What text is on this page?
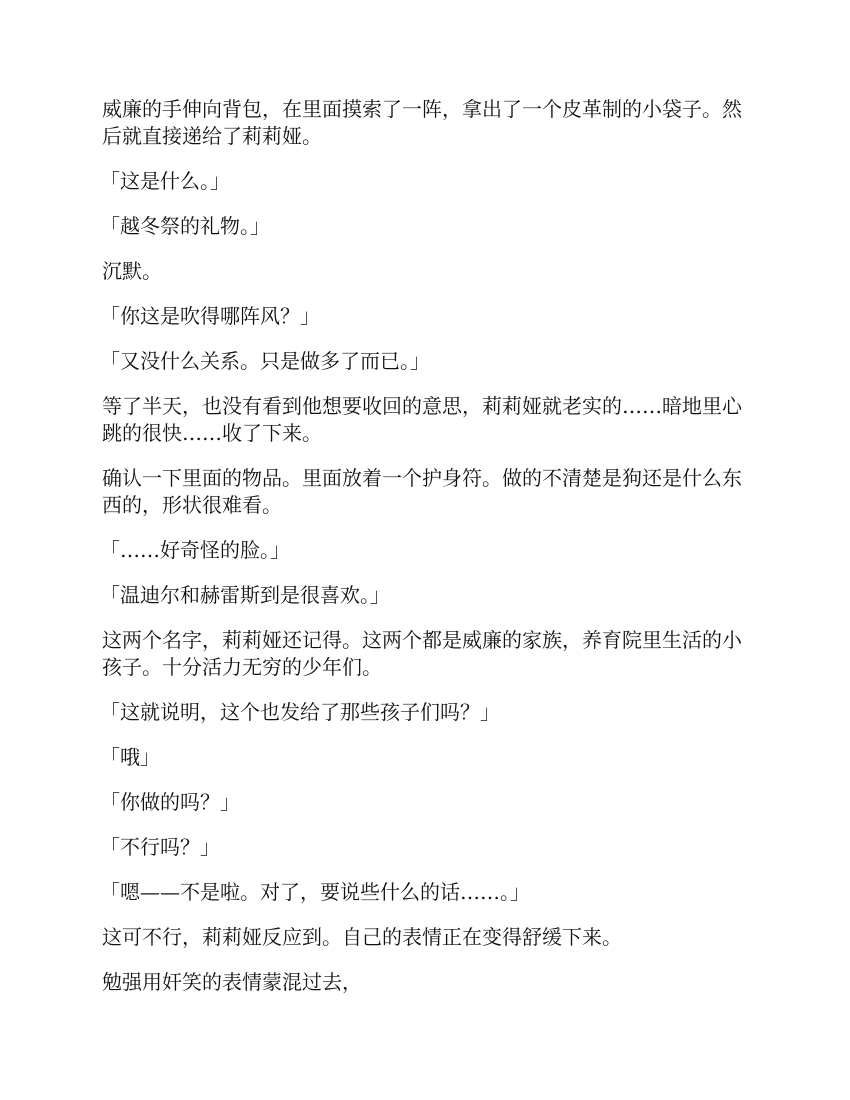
威廉的手伸向背包，在里面摸索了一阵，拿出了一个皮革制的小袋子。然后就直接递给了莉莉娅。

「这是什么。」

「越冬祭的礼物。」

沉默。

「你这是吹得哪阵风？」

「又没什么关系。只是做多了而已。」

等了半天，也没有看到他想要收回的意思，莉莉娅就老实的……暗地里心跳的很快……收了下来。

确认一下里面的物品。里面放着一个护身符。做的不清楚是狗还是什么东西的，形状很难看。

「……好奇怪的脸。」

「温迪尔和赫雷斯到是很喜欢。」

这两个名字，莉莉娅还记得。这两个都是威廉的家族，养育院里生活的小孩子。十分活力无穷的少年们。

「这就说明，这个也发给了那些孩子们吗？」

「哦」

「你做的吗？」

「不行吗？」

「嗯——不是啦。对了，要说些什么的话……。」

这可不行，莉莉娅反应到。自己的表情正在变得舒缓下来。

勉强用奸笑的表情蒙混过去，
